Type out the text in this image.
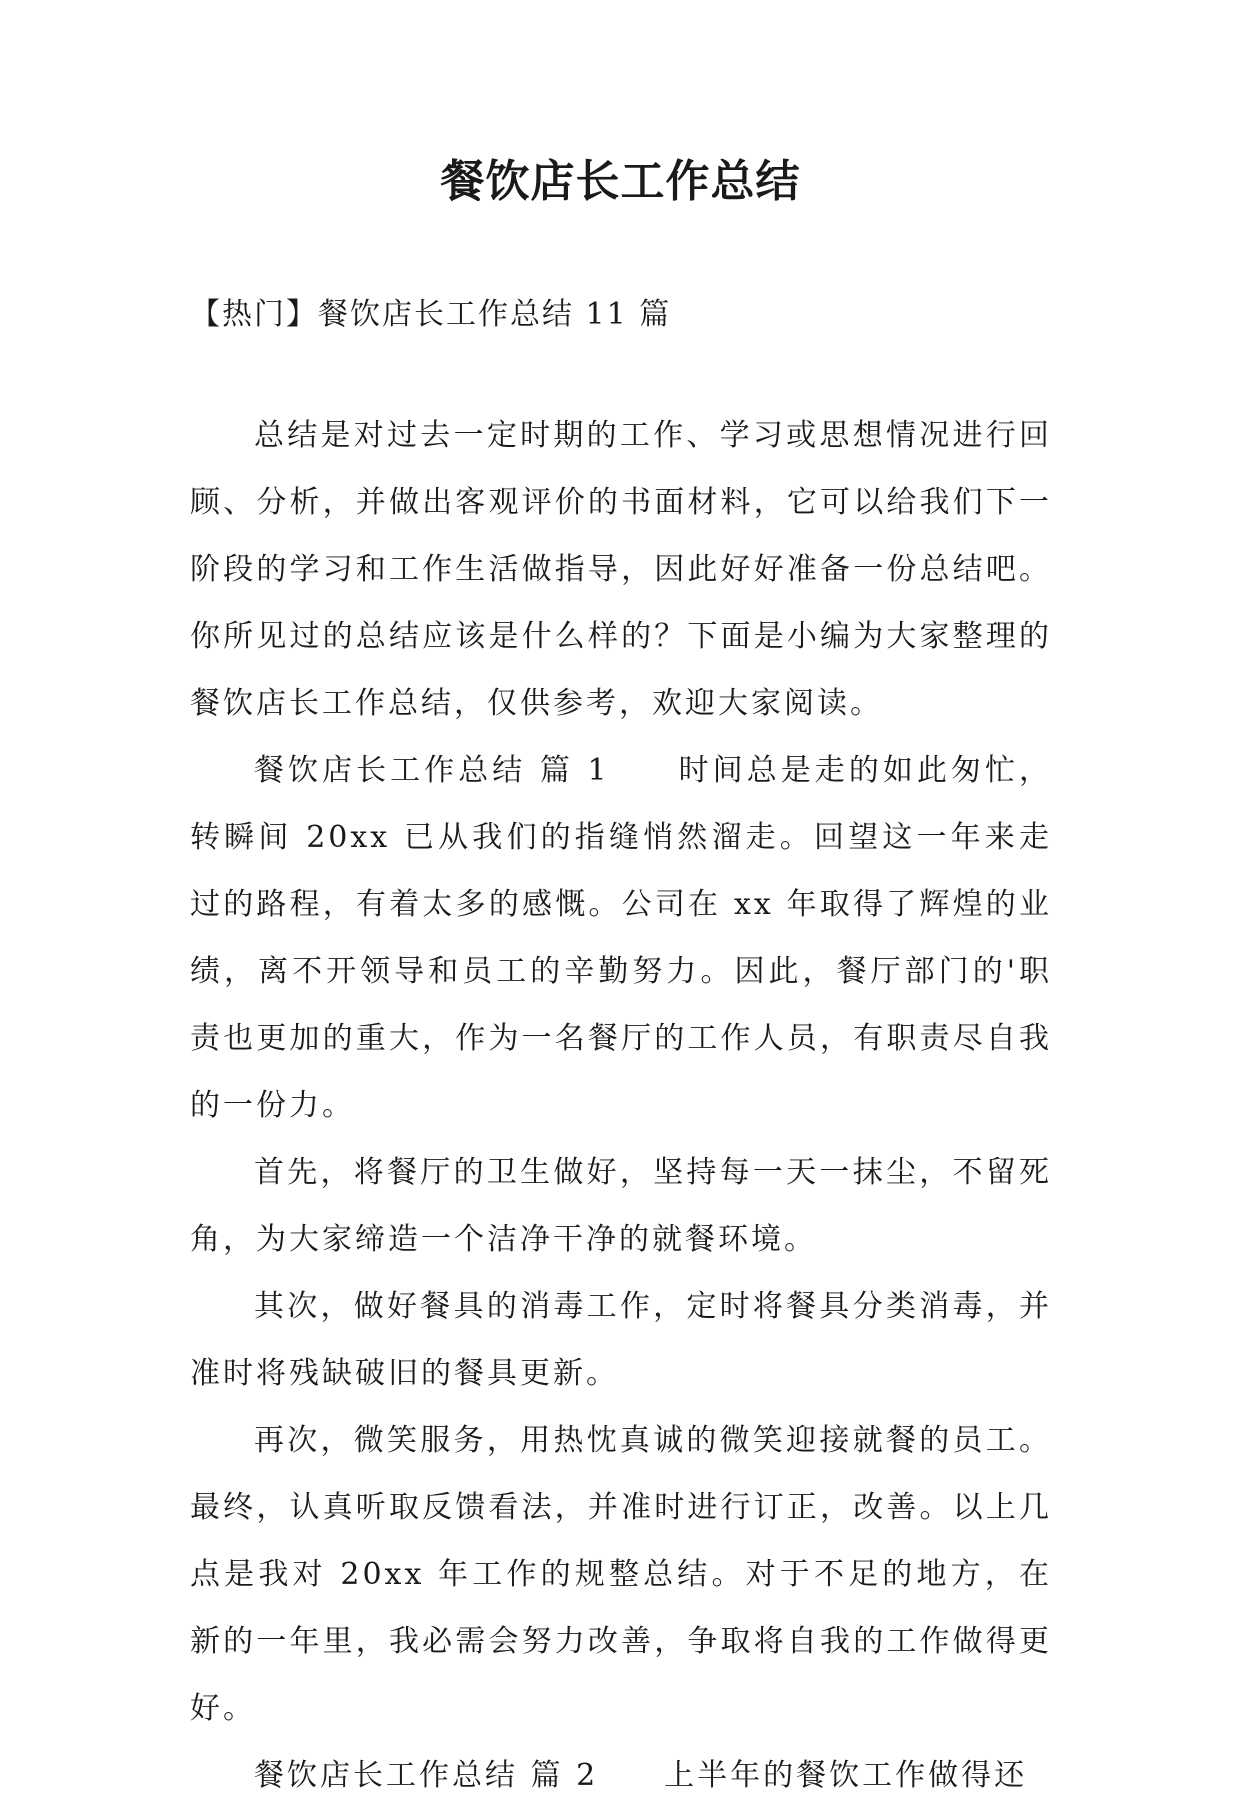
餐饮店长工作总结

【热门】餐饮店长工作总结 11 篇

总结是对过去一定时期的工作、学习或思想情况进行回顾、分析，并做出客观评价的书面材料，它可以给我们下一阶段的学习和工作生活做指导，因此好好准备一份总结吧。你所见过的总结应该是什么样的？下面是小编为大家整理的餐饮店长工作总结，仅供参考，欢迎大家阅读。

餐饮店长工作总结 篇 1　　时间总是走的如此匆忙，转瞬间 20xx 已从我们的指缝悄然溜走。回望这一年来走过的路程，有着太多的感慨。公司在 xx 年取得了辉煌的业绩，离不开领导和员工的辛勤努力。因此，餐厅部门的'职责也更加的重大，作为一名餐厅的工作人员，有职责尽自我的一份力。

首先，将餐厅的卫生做好，坚持每一天一抹尘，不留死角，为大家缔造一个洁净干净的就餐环境。

其次，做好餐具的消毒工作，定时将餐具分类消毒，并准时将残缺破旧的餐具更新。

再次，微笑服务，用热忱真诚的微笑迎接就餐的员工。最终，认真听取反馈看法，并准时进行订正，改善。以上几点是我对 20xx 年工作的规整总结。对于不足的地方，在新的一年里，我必需会努力改善，争取将自我的工作做得更好。

餐饮店长工作总结 篇 2　　上半年的餐饮工作做得还
